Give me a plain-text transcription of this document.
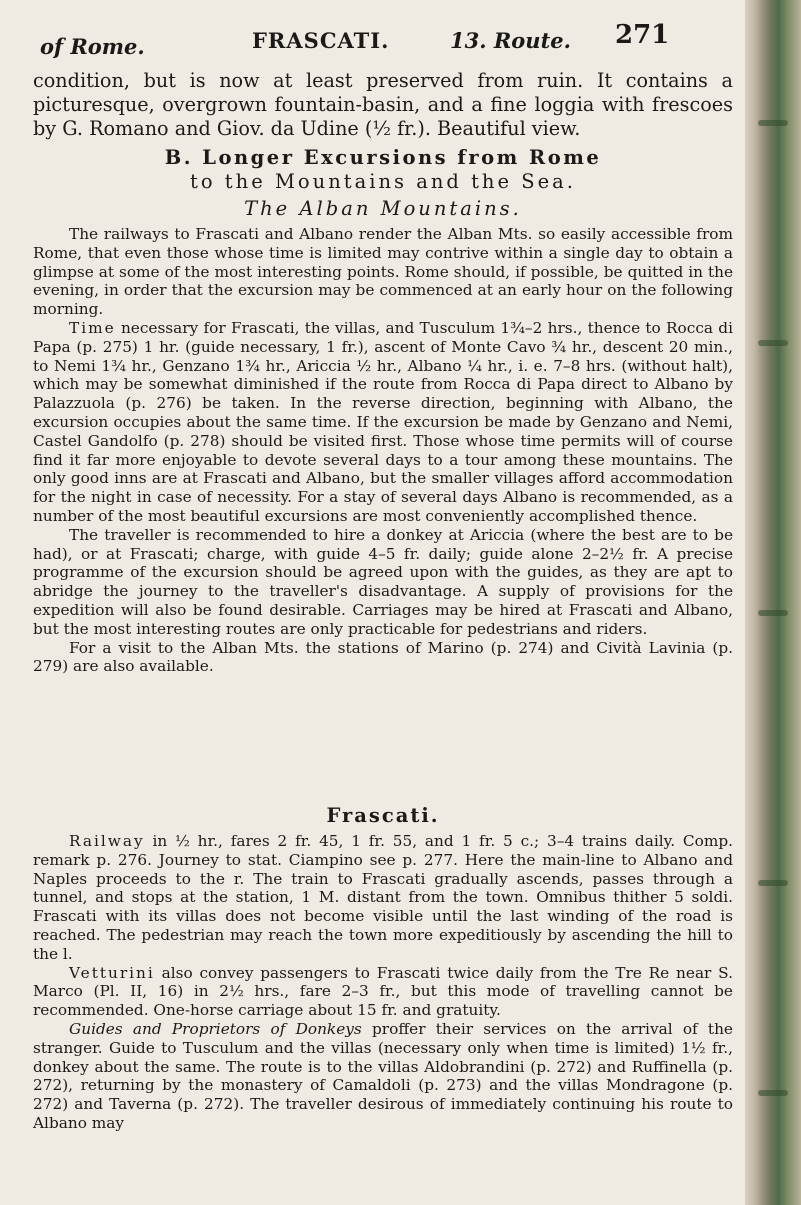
of Rome.	FRASCATI.	13. Route. 271

condition, but is now at least preserved from ruin. It contains a picturesque, overgrown fountain-basin, and a fine loggia with frescoes by G. Romano and Giov. da Udine (½ fr.). Beautiful view.

B. Longer Excursions from Rome
to the Mountains and the Sea.
The Alban Mountains.

The railways to Frascati and Albano render the Alban Mts. so easily accessible from Rome, that even those whose time is limited may contrive within a single day to obtain a glimpse at some of the most interesting points. Rome should, if possible, be quitted in the evening, in order that the excursion may be commenced at an early hour on the following morning.

Time necessary for Frascati, the villas, and Tusculum 1¾–2 hrs., thence to Rocca di Papa (p. 275) 1 hr. (guide necessary, 1 fr.), ascent of Monte Cavo ¾ hr., descent 20 min., to Nemi 1¾ hr., Genzano 1¾ hr., Ariccia ½ hr., Albano ¼ hr., i. e. 7–8 hrs. (without halt), which may be somewhat diminished if the route from Rocca di Papa direct to Albano by Palazzuola (p. 276) be taken. In the reverse direction, beginning with Albano, the excursion occupies about the same time. If the excursion be made by Genzano and Nemi, Castel Gandolfo (p. 278) should be visited first. Those whose time permits will of course find it far more enjoyable to devote several days to a tour among these mountains. The only good inns are at Frascati and Albano, but the smaller villages afford accommodation for the night in case of necessity. For a stay of several days Albano is recommended, as a number of the most beautiful excursions are most conveniently accomplished thence.

The traveller is recommended to hire a donkey at Ariccia (where the best are to be had), or at Frascati; charge, with guide 4–5 fr. daily; guide alone 2–2½ fr. A precise programme of the excursion should be agreed upon with the guides, as they are apt to abridge the journey to the traveller's disadvantage. A supply of provisions for the expedition will also be found desirable. Carriages may be hired at Frascati and Albano, but the most interesting routes are only practicable for pedestrians and riders.

For a visit to the Alban Mts. the stations of Marino (p. 274) and Cività Lavinia (p. 279) are also available.

Frascati.

Railway in ½ hr., fares 2 fr. 45, 1 fr. 55, and 1 fr. 5 c.; 3–4 trains daily. Comp. remark p. 276. Journey to stat. Ciampino see p. 277. Here the main-line to Albano and Naples proceeds to the r. The train to Frascati gradually ascends, passes through a tunnel, and stops at the station, 1 M. distant from the town. Omnibus thither 5 soldi. Frascati with its villas does not become visible until the last winding of the road is reached. The pedestrian may reach the town more expeditiously by ascending the hill to the l.

Vetturini also convey passengers to Frascati twice daily from the Tre Re near S. Marco (Pl. II, 16) in 2½ hrs., fare 2–3 fr., but this mode of travelling cannot be recommended. One-horse carriage about 15 fr. and gratuity.

Guides and Proprietors of Donkeys proffer their services on the arrival of the stranger. Guide to Tusculum and the villas (necessary only when time is limited) 1½ fr., donkey about the same. The route is to the villas Aldobrandini (p. 272) and Ruffinella (p. 272), returning by the monastery of Camaldoli (p. 273) and the villas Mondragone (p. 272) and Taverna (p. 272). The traveller desirous of immediately continuing his route to Albano may
